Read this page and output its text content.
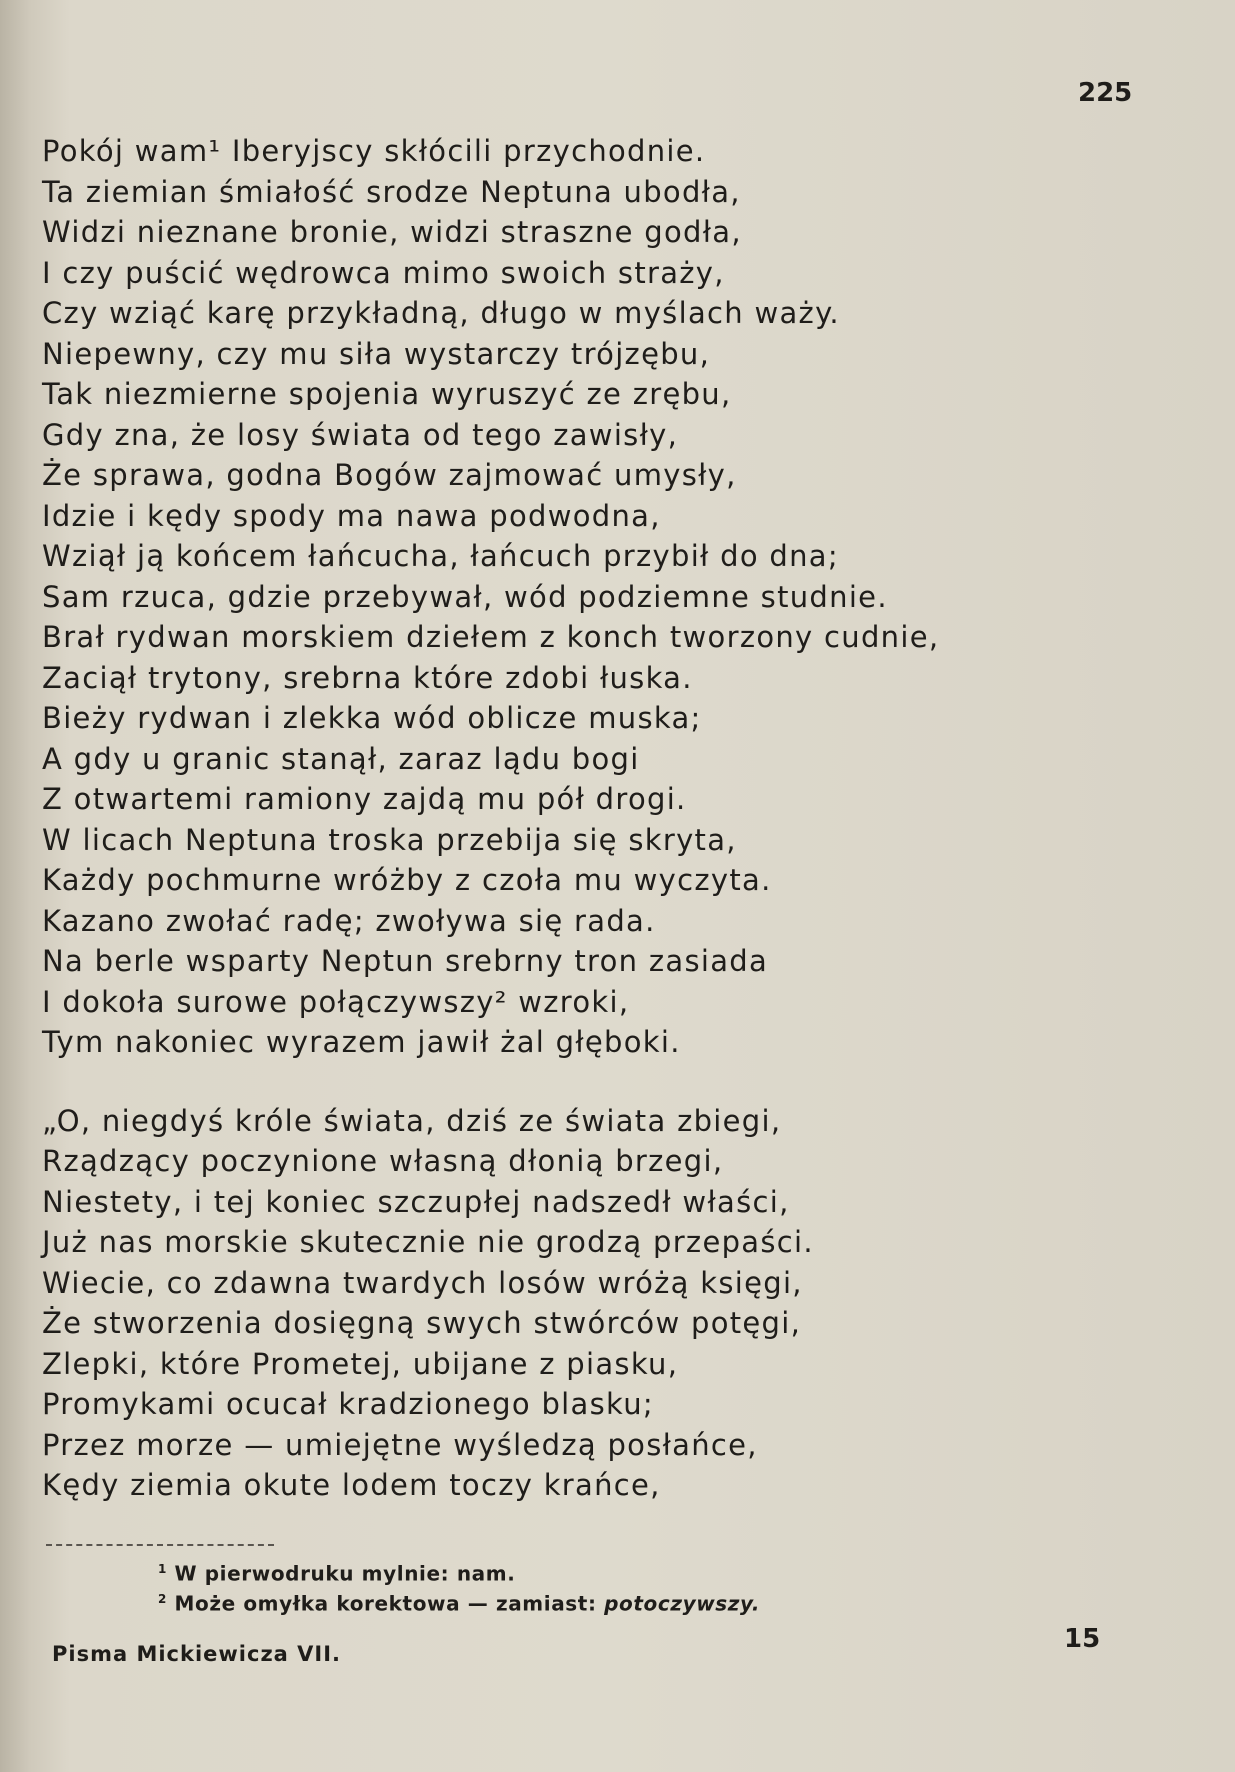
225
Pokój wam¹ Iberyjscy skłócili przychodnie.
Ta ziemian śmiałość srodze Neptuna ubodła,
Widzi nieznane bronie, widzi straszne godła,
I czy puścić wędrowca mimo swoich straży,
Czy wziąć karę przykładną, długo w myślach waży.
Niepewny, czy mu siła wystarczy trójzębu,
Tak niezmierne spojenia wyruszyć ze zrębu,
Gdy zna, że losy świata od tego zawisły,
Że sprawa, godna Bogów zajmować umysły,
Idzie i kędy spody ma nawa podwodna,
Wziął ją końcem łańcucha, łańcuch przybił do dna;
Sam rzuca, gdzie przebywał, wód podziemne studnie.
Brał rydwan morskiem dziełem z konch tworzony cudnie,
Zaciął trytony, srebrna które zdobi łuska.
Bieży rydwan i zlekka wód oblicze muska;
A gdy u granic stanął, zaraz lądu bogi
Z otwartemi ramiony zajdą mu pół drogi.
W licach Neptuna troska przebija się skryta,
Każdy pochmurne wróżby z czoła mu wyczyta.
Kazano zwołać radę; zwoływa się rada.
Na berle wsparty Neptun srebrny tron zasiada
I dokoła surowe połączywszy² wzroki,
Tym nakoniec wyrazem jawił żal głęboki.
„O, niegdyś króle świata, dziś ze świata zbiegi,
Rządzący poczynione własną dłonią brzegi,
Niestety, i tej koniec szczupłej nadszedł właści,
Już nas morskie skutecznie nie grodzą przepaści.
Wiecie, co zdawna twardych losów wróżą księgi,
Że stworzenia dosięgną swych stwórców potęgi,
Zlepki, które Prometej, ubijane z piasku,
Promykami ocucał kradzionego blasku;
Przez morze — umiejętne wyśledzą posłańce,
Kędy ziemia okute lodem toczy krańce,
$^1$ W pierwodruku mylnie: nam.
$^2$ Może omyłka korektowa — zamiast: potoczywszy.
Pisma Mickiewicza VII.	15
